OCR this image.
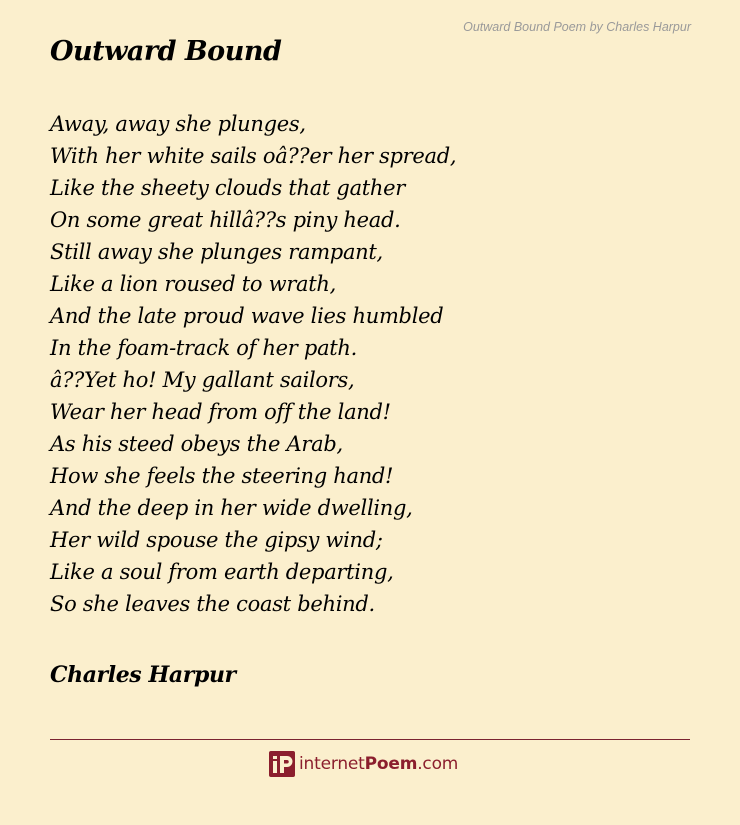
Outward Bound Poem by Charles Harpur
Outward Bound
Away, away she plunges,
With her white sails oâ??er her spread,
Like the sheety clouds that gather
On some great hillâ??s piny head.
Still away she plunges rampant,
Like a lion roused to wrath,
And the late proud wave lies humbled
In the foam-track of her path.
â??Yet ho! My gallant sailors,
Wear her head from off the land!
As his steed obeys the Arab,
How she feels the steering hand!
And the deep in her wide dwelling,
Her wild spouse the gipsy wind;
Like a soul from earth departing,
So she leaves the coast behind.
Charles Harpur
internetPoem.com
